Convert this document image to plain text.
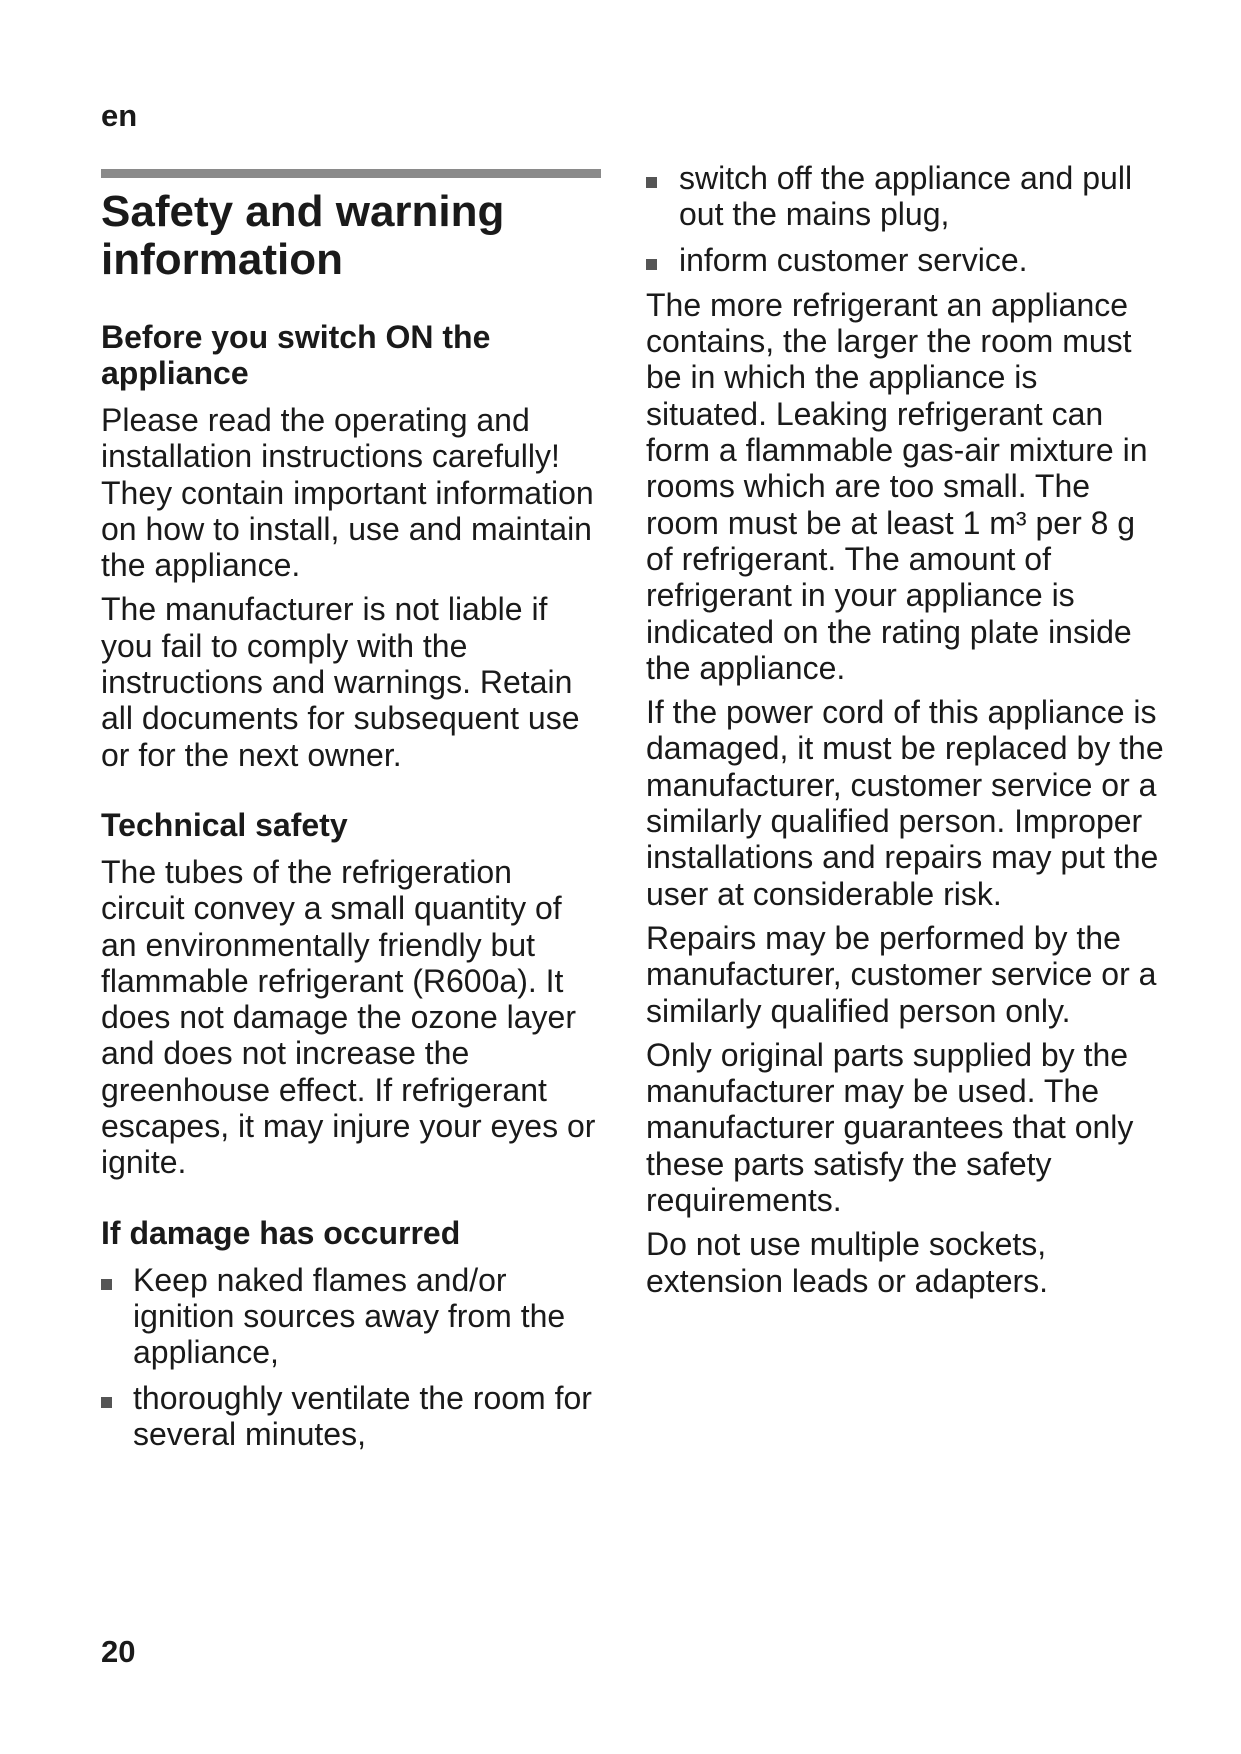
en
Safety and warning information
Before you switch ON the appliance

Please read the operating and installation instructions carefully! They contain important information on how to install, use and maintain the appliance.

The manufacturer is not liable if you fail to comply with the instructions and warnings. Retain all documents for subsequent use or for the next owner.

Technical safety

The tubes of the refrigeration circuit convey a small quantity of an environmentally friendly but flammable refrigerant (R600a). It does not damage the ozone layer and does not increase the greenhouse effect. If refrigerant escapes, it may injure your eyes or ignite.

If damage has occurred
Keep naked flames and/or ignition sources away from the appliance,
thoroughly ventilate the room for several minutes,
switch off the appliance and pull out the mains plug,
inform customer service.

The more refrigerant an appliance contains, the larger the room must be in which the appliance is situated. Leaking refrigerant can form a flammable gas-air mixture in rooms which are too small. The room must be at least 1 m³ per 8 g of refrigerant. The amount of refrigerant in your appliance is indicated on the rating plate inside the appliance.

If the power cord of this appliance is damaged, it must be replaced by the manufacturer, customer service or a similarly qualified person. Improper installations and repairs may put the user at considerable risk.

Repairs may be performed by the manufacturer, customer service or a similarly qualified person only.

Only original parts supplied by the manufacturer may be used. The manufacturer guarantees that only these parts satisfy the safety requirements.

Do not use multiple sockets, extension leads or adapters.

20
